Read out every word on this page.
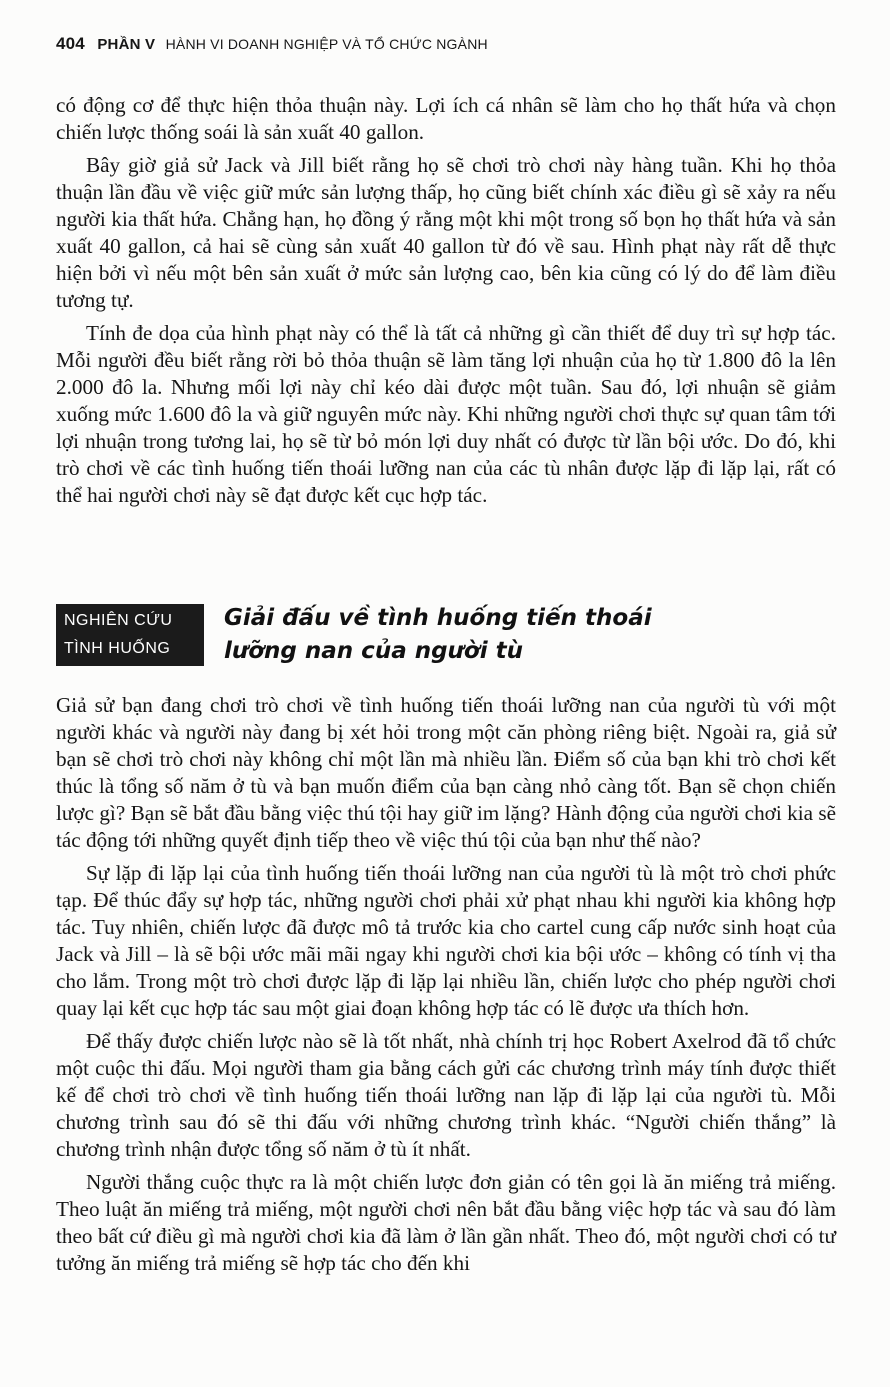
404 PHẦN V HÀNH VI DOANH NGHIỆP VÀ TỔ CHỨC NGÀNH

có động cơ để thực hiện thỏa thuận này. Lợi ích cá nhân sẽ làm cho họ thất hứa và chọn chiến lược thống soái là sản xuất 40 gallon.

Bây giờ giả sử Jack và Jill biết rằng họ sẽ chơi trò chơi này hàng tuần. Khi họ thỏa thuận lần đầu về việc giữ mức sản lượng thấp, họ cũng biết chính xác điều gì sẽ xảy ra nếu người kia thất hứa. Chẳng hạn, họ đồng ý rằng một khi một trong số bọn họ thất hứa và sản xuất 40 gallon, cả hai sẽ cùng sản xuất 40 gallon từ đó về sau. Hình phạt này rất dễ thực hiện bởi vì nếu một bên sản xuất ở mức sản lượng cao, bên kia cũng có lý do để làm điều tương tự.

Tính đe dọa của hình phạt này có thể là tất cả những gì cần thiết để duy trì sự hợp tác. Mỗi người đều biết rằng rời bỏ thỏa thuận sẽ làm tăng lợi nhuận của họ từ 1.800 đô la lên 2.000 đô la. Nhưng mối lợi này chỉ kéo dài được một tuần. Sau đó, lợi nhuận sẽ giảm xuống mức 1.600 đô la và giữ nguyên mức này. Khi những người chơi thực sự quan tâm tới lợi nhuận trong tương lai, họ sẽ từ bỏ món lợi duy nhất có được từ lần bội ước. Do đó, khi trò chơi về các tình huống tiến thoái lưỡng nan của các tù nhân được lặp đi lặp lại, rất có thể hai người chơi này sẽ đạt được kết cục hợp tác.

NGHIÊN CỨU
TÌNH HUỐNG
Giải đấu về tình huống tiến thoái
lưỡng nan của người tù

Giả sử bạn đang chơi trò chơi về tình huống tiến thoái lưỡng nan của người tù với một người khác và người này đang bị xét hỏi trong một căn phòng riêng biệt. Ngoài ra, giả sử bạn sẽ chơi trò chơi này không chỉ một lần mà nhiều lần. Điểm số của bạn khi trò chơi kết thúc là tổng số năm ở tù và bạn muốn điểm của bạn càng nhỏ càng tốt. Bạn sẽ chọn chiến lược gì? Bạn sẽ bắt đầu bằng việc thú tội hay giữ im lặng? Hành động của người chơi kia sẽ tác động tới những quyết định tiếp theo về việc thú tội của bạn như thế nào?

Sự lặp đi lặp lại của tình huống tiến thoái lưỡng nan của người tù là một trò chơi phức tạp. Để thúc đẩy sự hợp tác, những người chơi phải xử phạt nhau khi người kia không hợp tác. Tuy nhiên, chiến lược đã được mô tả trước kia cho cartel cung cấp nước sinh hoạt của Jack và Jill – là sẽ bội ước mãi mãi ngay khi người chơi kia bội ước – không có tính vị tha cho lắm. Trong một trò chơi được lặp đi lặp lại nhiều lần, chiến lược cho phép người chơi quay lại kết cục hợp tác sau một giai đoạn không hợp tác có lẽ được ưa thích hơn.

Để thấy được chiến lược nào sẽ là tốt nhất, nhà chính trị học Robert Axelrod đã tổ chức một cuộc thi đấu. Mọi người tham gia bằng cách gửi các chương trình máy tính được thiết kế để chơi trò chơi về tình huống tiến thoái lưỡng nan lặp đi lặp lại của người tù. Mỗi chương trình sau đó sẽ thi đấu với những chương trình khác. “Người chiến thắng” là chương trình nhận được tổng số năm ở tù ít nhất.

Người thắng cuộc thực ra là một chiến lược đơn giản có tên gọi là ăn miếng trả miếng. Theo luật ăn miếng trả miếng, một người chơi nên bắt đầu bằng việc hợp tác và sau đó làm theo bất cứ điều gì mà người chơi kia đã làm ở lần gần nhất. Theo đó, một người chơi có tư tưởng ăn miếng trả miếng sẽ hợp tác cho đến khi
